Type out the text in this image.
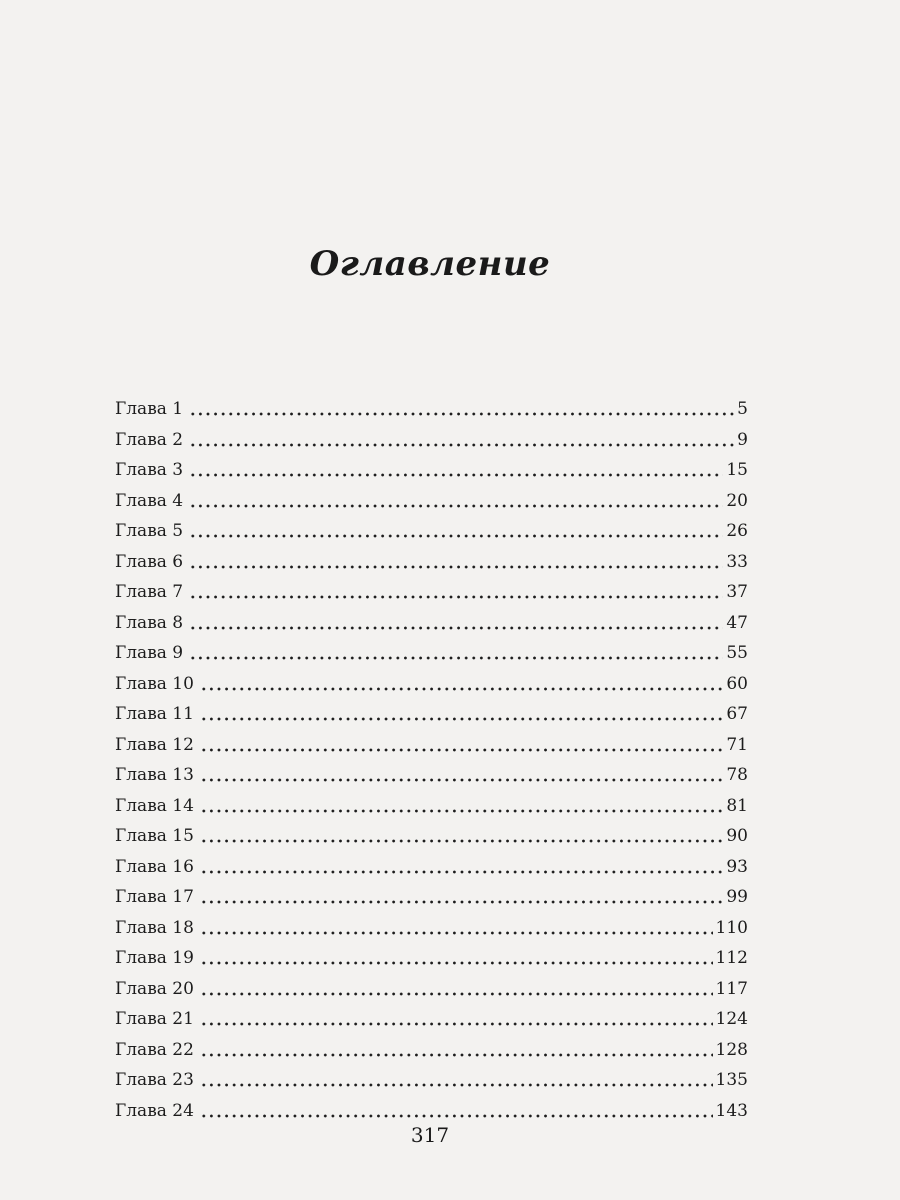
Оглавление
Глава 1	5
Глава 2	9
Глава 3	15
Глава 4	20
Глава 5	26
Глава 6	33
Глава 7	37
Глава 8	47
Глава 9	55
Глава 10	60
Глава 11	67
Глава 12	71
Глава 13	78
Глава 14	81
Глава 15	90
Глава 16	93
Глава 17	99
Глава 18	110
Глава 19	112
Глава 20	117
Глава 21	124
Глава 22	128
Глава 23	135
Глава 24	143
317
